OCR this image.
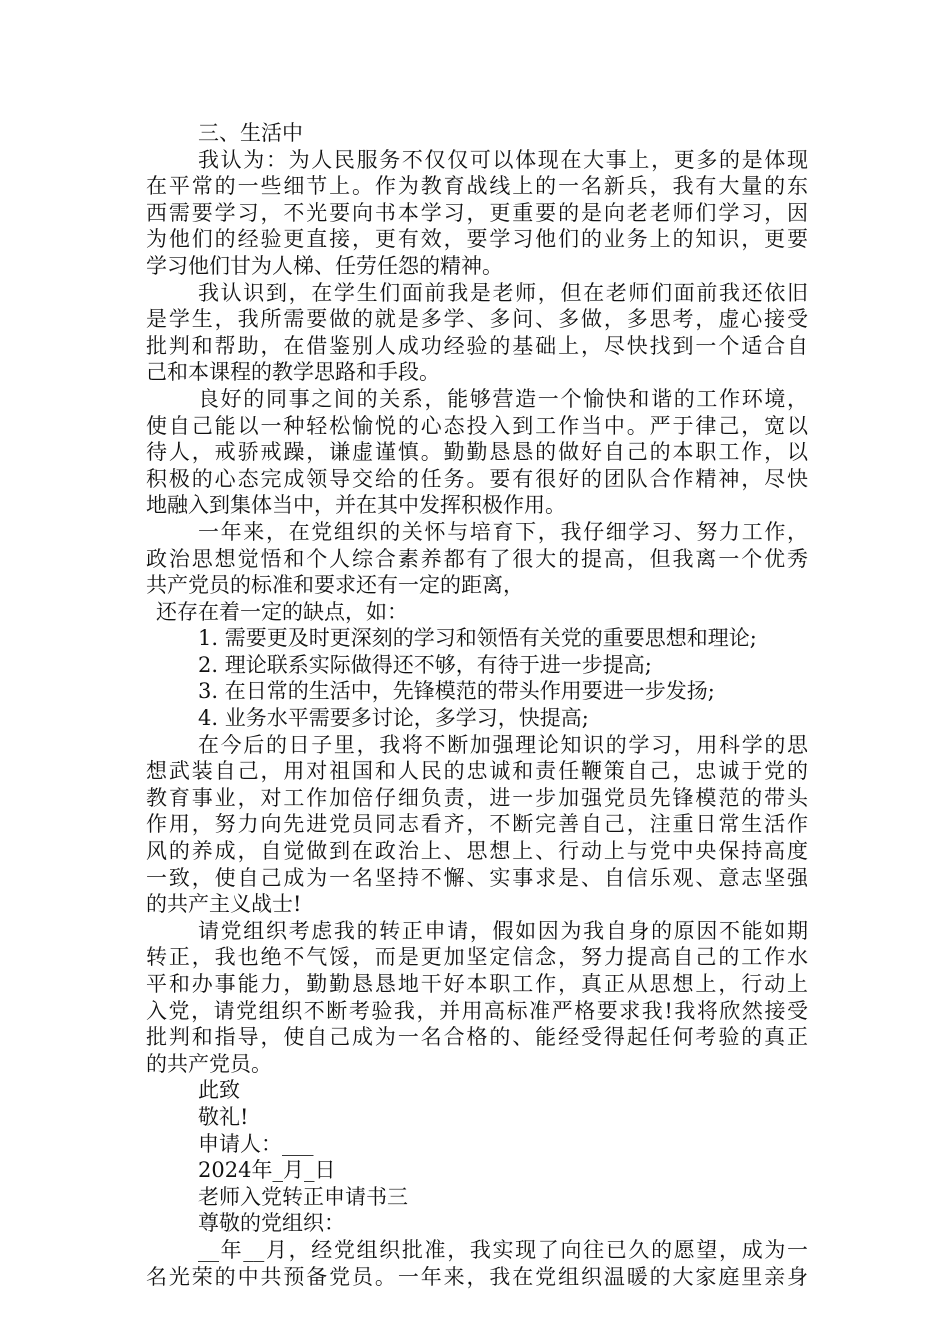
三、生活中
我认为：为人民服务不仅仅可以体现在大事上，更多的是体现
在平常的一些细节上。作为教育战线上的一名新兵，我有大量的东
西需要学习，不光要向书本学习，更重要的是向老老师们学习，因
为他们的经验更直接，更有效，要学习他们的业务上的知识，更要
学习他们甘为人梯、任劳任怨的精神。
我认识到，在学生们面前我是老师，但在老师们面前我还依旧
是学生，我所需要做的就是多学、多问、多做，多思考，虚心接受
批判和帮助，在借鉴别人成功经验的基础上，尽快找到一个适合自
己和本课程的教学思路和手段。
良好的同事之间的关系，能够营造一个愉快和谐的工作环境，
使自己能以一种轻松愉悦的心态投入到工作当中。严于律己，宽以
待人，戒骄戒躁，谦虚谨慎。勤勤恳恳的做好自己的本职工作，以
积极的心态完成领导交给的任务。要有很好的团队合作精神，尽快
地融入到集体当中，并在其中发挥积极作用。
一年来，在党组织的关怀与培育下，我仔细学习、努力工作，
政治思想觉悟和个人综合素养都有了很大的提高，但我离一个优秀
共产党员的标准和要求还有一定的距离，
还存在着一定的缺点，如：
1. 需要更及时更深刻的学习和领悟有关党的重要思想和理论;
2. 理论联系实际做得还不够，有待于进一步提高;
3. 在日常的生活中，先锋模范的带头作用要进一步发扬;
4. 业务水平需要多讨论，多学习，快提高;
在今后的日子里，我将不断加强理论知识的学习，用科学的思
想武装自己，用对祖国和人民的忠诚和责任鞭策自己，忠诚于党的
教育事业，对工作加倍仔细负责，进一步加强党员先锋模范的带头
作用，努力向先进党员同志看齐，不断完善自己，注重日常生活作
风的养成，自觉做到在政治上、思想上、行动上与党中央保持高度
一致，使自己成为一名坚持不懈、实事求是、自信乐观、意志坚强
的共产主义战士!
请党组织考虑我的转正申请，假如因为我自身的原因不能如期
转正，我也绝不气馁，而是更加坚定信念，努力提高自己的工作水
平和办事能力，勤勤恳恳地干好本职工作，真正从思想上，行动上
入党，请党组织不断考验我，并用高标准严格要求我!我将欣然接受
批判和指导，使自己成为一名合格的、能经受得起任何考验的真正
的共产党员。
此致
敬礼!
申请人：___
2024年_月_日
老师入党转正申请书三
尊敬的党组织：
__年__月，经党组织批准，我实现了向往已久的愿望，成为一
名光荣的中共预备党员。一年来，我在党组织温暖的大家庭里亲身
